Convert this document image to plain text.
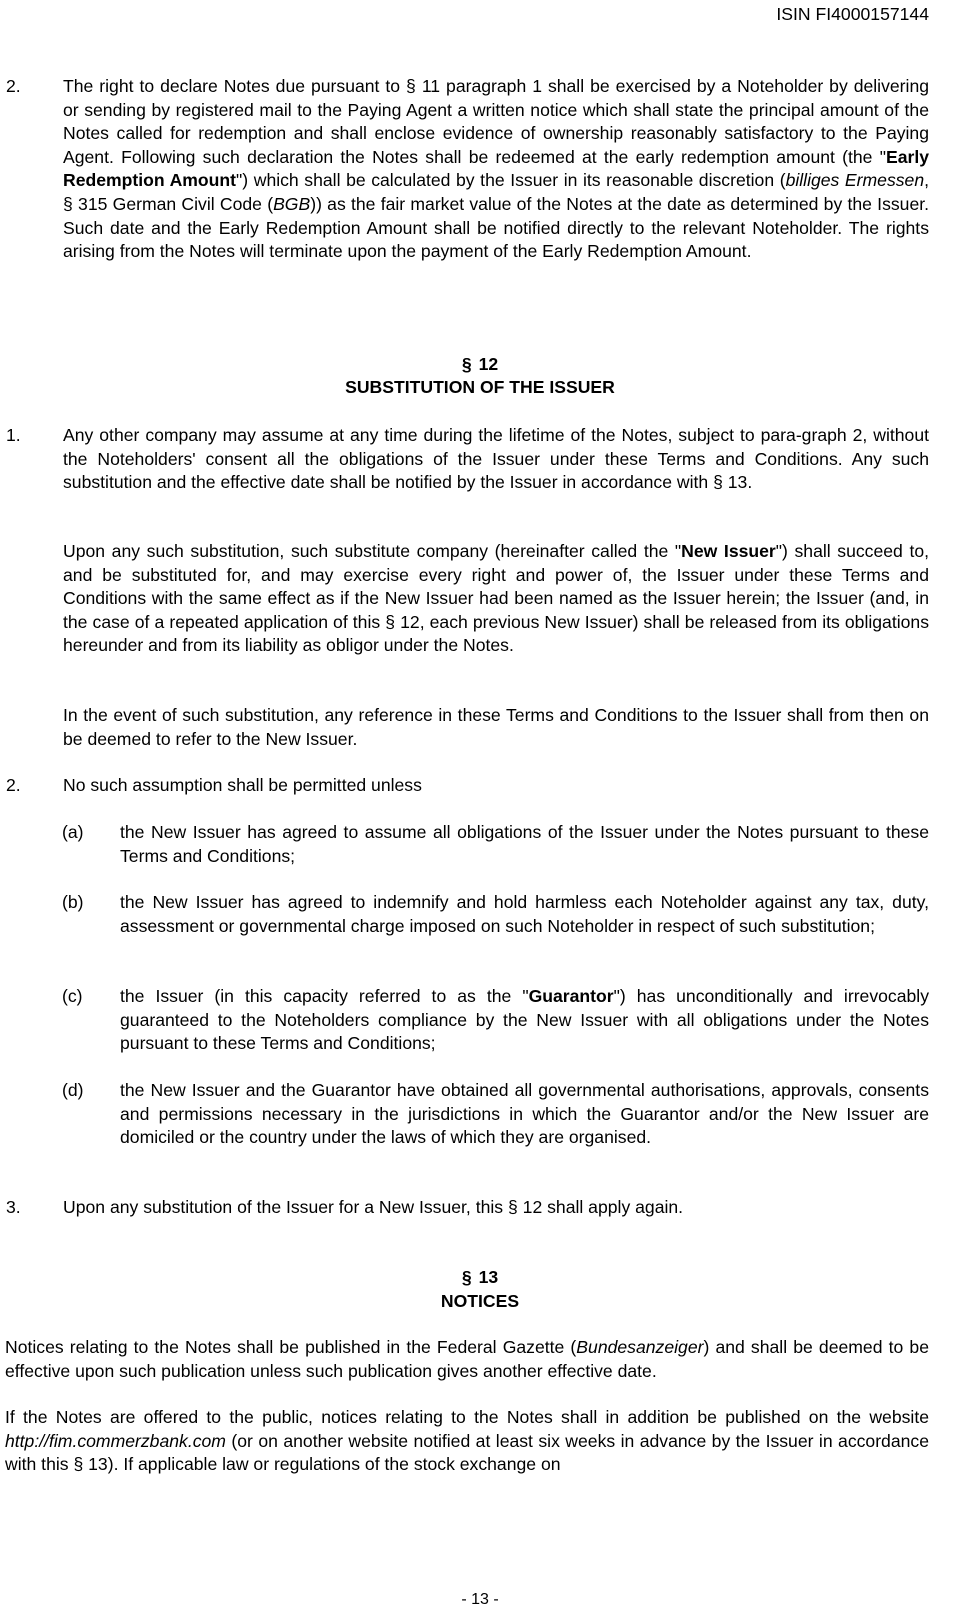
ISIN FI4000157144
2. The right to declare Notes due pursuant to § 11 paragraph 1 shall be exercised by a Noteholder by delivering or sending by registered mail to the Paying Agent a written notice which shall state the principal amount of the Notes called for redemption and shall enclose evidence of ownership reasonably satisfactory to the Paying Agent. Following such declaration the Notes shall be redeemed at the early redemption amount (the "Early Redemption Amount") which shall be calculated by the Issuer in its reasonable discretion (billiges Ermessen, § 315 German Civil Code (BGB)) as the fair market value of the Notes at the date as determined by the Issuer. Such date and the Early Redemption Amount shall be notified directly to the relevant Noteholder. The rights arising from the Notes will terminate upon the payment of the Early Redemption Amount.
§ 12
SUBSTITUTION OF THE ISSUER
1. Any other company may assume at any time during the lifetime of the Notes, subject to para-graph 2, without the Noteholders' consent all the obligations of the Issuer under these Terms and Conditions. Any such substitution and the effective date shall be notified by the Issuer in accordance with § 13.
Upon any such substitution, such substitute company (hereinafter called the "New Issuer") shall succeed to, and be substituted for, and may exercise every right and power of, the Issuer under these Terms and Conditions with the same effect as if the New Issuer had been named as the Issuer herein; the Issuer (and, in the case of a repeated application of this § 12, each previous New Issuer) shall be released from its obligations hereunder and from its liability as obligor under the Notes.
In the event of such substitution, any reference in these Terms and Conditions to the Issuer shall from then on be deemed to refer to the New Issuer.
2. No such assumption shall be permitted unless
(a) the New Issuer has agreed to assume all obligations of the Issuer under the Notes pursuant to these Terms and Conditions;
(b) the New Issuer has agreed to indemnify and hold harmless each Noteholder against any tax, duty, assessment or governmental charge imposed on such Noteholder in respect of such substitution;
(c) the Issuer (in this capacity referred to as the "Guarantor") has unconditionally and irrevocably guaranteed to the Noteholders compliance by the New Issuer with all obligations under the Notes pursuant to these Terms and Conditions;
(d) the New Issuer and the Guarantor have obtained all governmental authorisations, approvals, consents and permissions necessary in the jurisdictions in which the Guarantor and/or the New Issuer are domiciled or the country under the laws of which they are organised.
3. Upon any substitution of the Issuer for a New Issuer, this § 12 shall apply again.
§ 13
NOTICES
Notices relating to the Notes shall be published in the Federal Gazette (Bundesanzeiger) and shall be deemed to be effective upon such publication unless such publication gives another effective date.
If the Notes are offered to the public, notices relating to the Notes shall in addition be published on the website http://fim.commerzbank.com (or on another website notified at least six weeks in advance by the Issuer in accordance with this § 13). If applicable law or regulations of the stock exchange on
- 13 -
